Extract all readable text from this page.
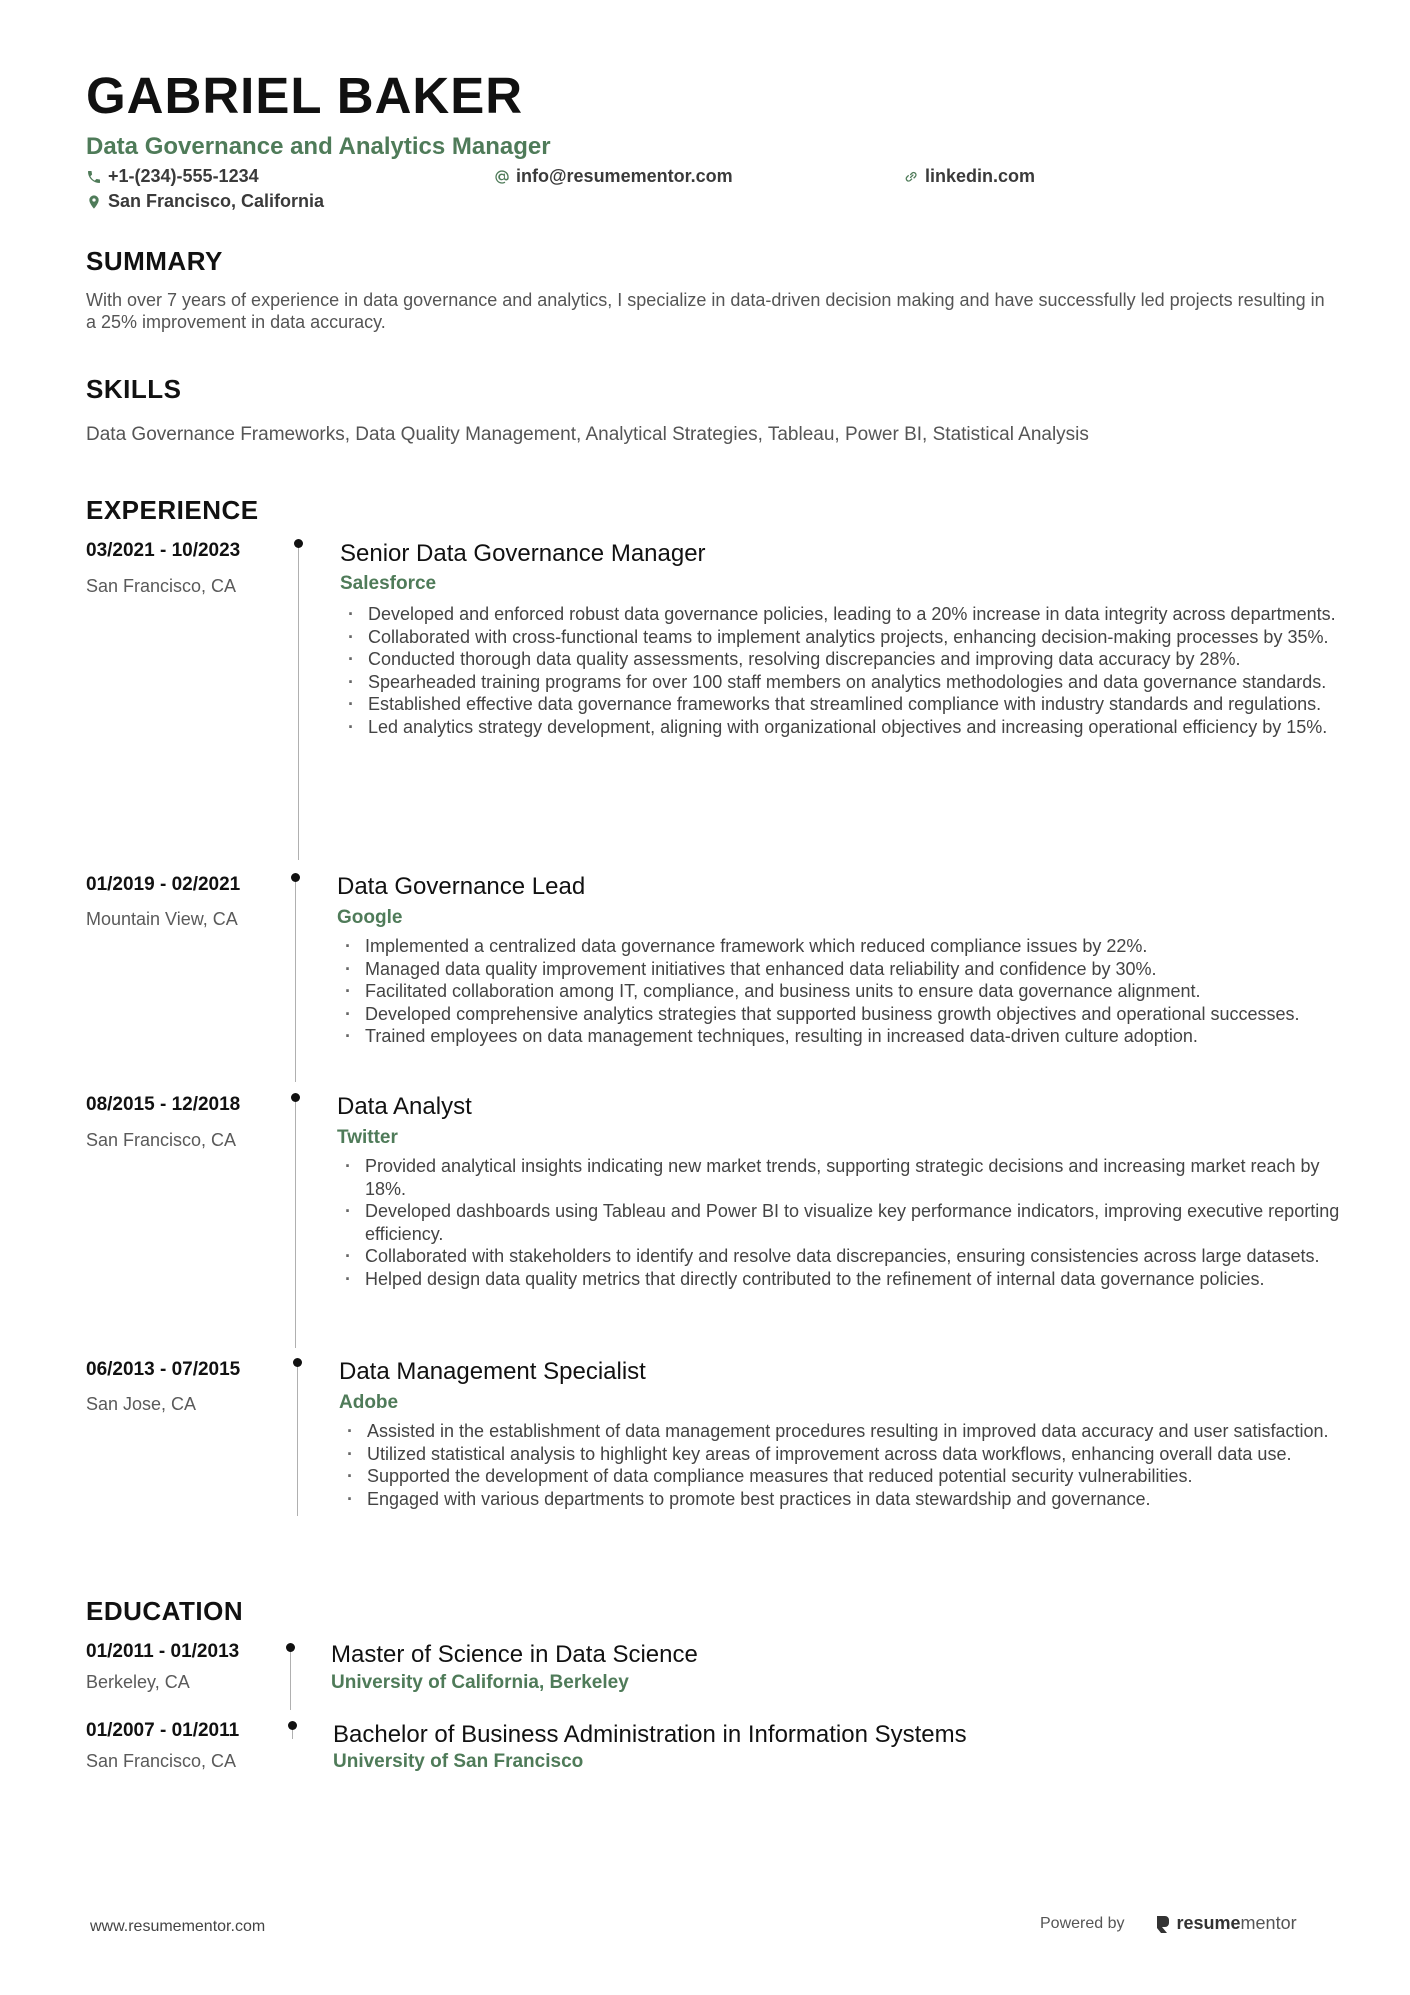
GABRIEL BAKER
Data Governance and Analytics Manager
+1-(234)-555-1234	info@resumementor.com	linkedin.com
San Francisco, California
SUMMARY
With over 7 years of experience in data governance and analytics, I specialize in data-driven decision making and have successfully led projects resulting in a 25% improvement in data accuracy.
SKILLS
Data Governance Frameworks, Data Quality Management, Analytical Strategies, Tableau, Power BI, Statistical Analysis
EXPERIENCE
03/2021 - 10/2023
San Francisco, CA
Senior Data Governance Manager
Salesforce
· Developed and enforced robust data governance policies, leading to a 20% increase in data integrity across departments.
· Collaborated with cross-functional teams to implement analytics projects, enhancing decision-making processes by 35%.
· Conducted thorough data quality assessments, resolving discrepancies and improving data accuracy by 28%.
· Spearheaded training programs for over 100 staff members on analytics methodologies and data governance standards.
· Established effective data governance frameworks that streamlined compliance with industry standards and regulations.
· Led analytics strategy development, aligning with organizational objectives and increasing operational efficiency by 15%.
01/2019 - 02/2021
Mountain View, CA
Data Governance Lead
Google
· Implemented a centralized data governance framework which reduced compliance issues by 22%.
· Managed data quality improvement initiatives that enhanced data reliability and confidence by 30%.
· Facilitated collaboration among IT, compliance, and business units to ensure data governance alignment.
· Developed comprehensive analytics strategies that supported business growth objectives and operational successes.
· Trained employees on data management techniques, resulting in increased data-driven culture adoption.
08/2015 - 12/2018
San Francisco, CA
Data Analyst
Twitter
· Provided analytical insights indicating new market trends, supporting strategic decisions and increasing market reach by 18%.
· Developed dashboards using Tableau and Power BI to visualize key performance indicators, improving executive reporting efficiency.
· Collaborated with stakeholders to identify and resolve data discrepancies, ensuring consistencies across large datasets.
· Helped design data quality metrics that directly contributed to the refinement of internal data governance policies.
06/2013 - 07/2015
San Jose, CA
Data Management Specialist
Adobe
· Assisted in the establishment of data management procedures resulting in improved data accuracy and user satisfaction.
· Utilized statistical analysis to highlight key areas of improvement across data workflows, enhancing overall data use.
· Supported the development of data compliance measures that reduced potential security vulnerabilities.
· Engaged with various departments to promote best practices in data stewardship and governance.
EDUCATION
01/2011 - 01/2013
Berkeley, CA
Master of Science in Data Science
University of California, Berkeley
01/2007 - 01/2011
San Francisco, CA
Bachelor of Business Administration in Information Systems
University of San Francisco
www.resumementor.com	Powered by	resumementor
